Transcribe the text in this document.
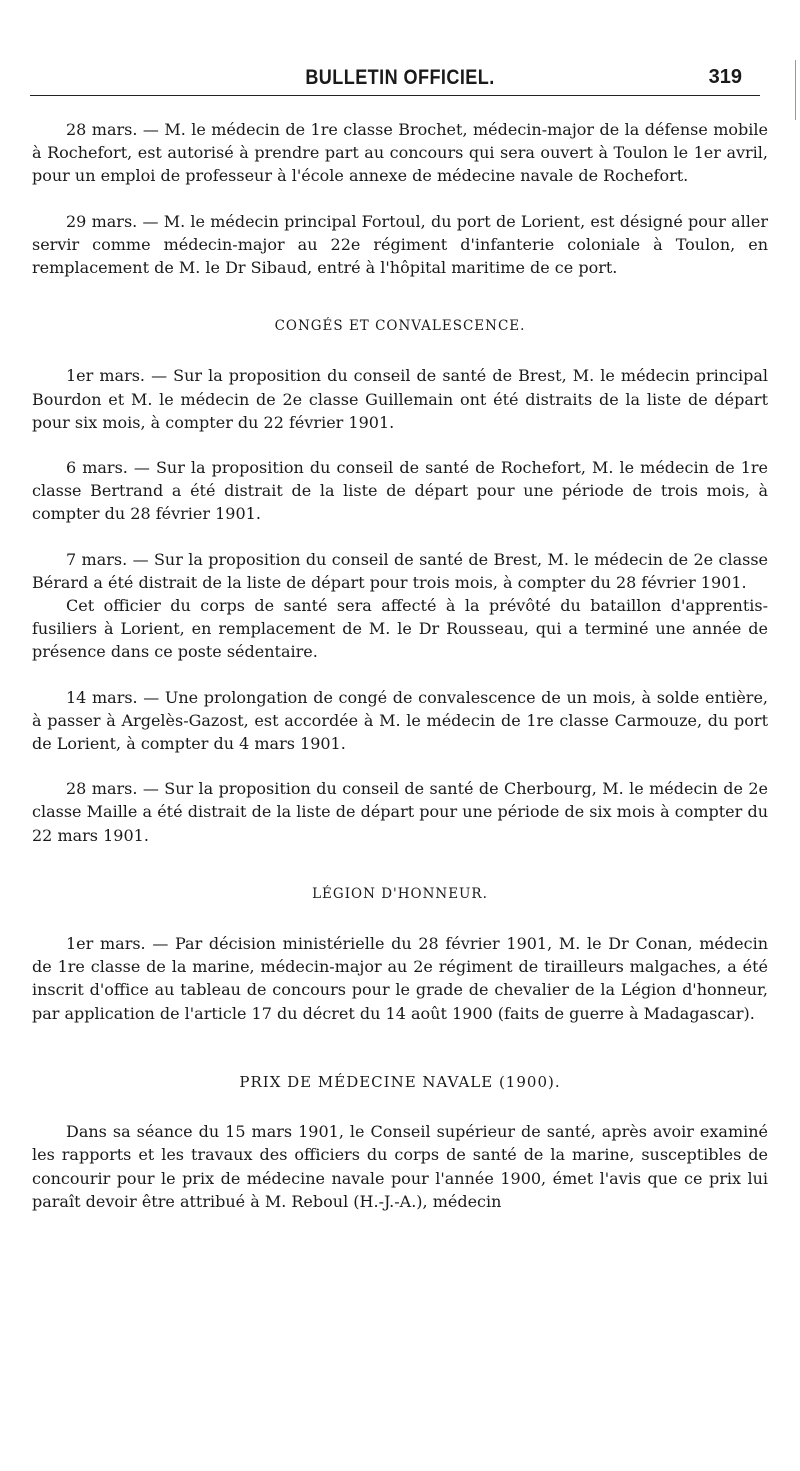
BULLETIN OFFICIEL.	319

28 mars. — M. le médecin de 1re classe Brochet, médecin-major de la défense mobile à Rochefort, est autorisé à prendre part au concours qui sera ouvert à Toulon le 1er avril, pour un emploi de professeur à l'école annexe de médecine navale de Rochefort.

29 mars. — M. le médecin principal Fortoul, du port de Lorient, est désigné pour aller servir comme médecin-major au 22e régiment d'infanterie coloniale à Toulon, en remplacement de M. le Dr Sibaud, entré à l'hôpital maritime de ce port.

CONGÉS ET CONVALESCENCE.

1er mars. — Sur la proposition du conseil de santé de Brest, M. le médecin principal Bourdon et M. le médecin de 2e classe Guillemain ont été distraits de la liste de départ pour six mois, à compter du 22 février 1901.

6 mars. — Sur la proposition du conseil de santé de Rochefort, M. le médecin de 1re classe Bertrand a été distrait de la liste de départ pour une période de trois mois, à compter du 28 février 1901.

7 mars. — Sur la proposition du conseil de santé de Brest, M. le médecin de 2e classe Bérard a été distrait de la liste de départ pour trois mois, à compter du 28 février 1901.

Cet officier du corps de santé sera affecté à la prévôté du bataillon d'apprentis-fusiliers à Lorient, en remplacement de M. le Dr Rousseau, qui a terminé une année de présence dans ce poste sédentaire.

14 mars. — Une prolongation de congé de convalescence de un mois, à solde entière, à passer à Argelès-Gazost, est accordée à M. le médecin de 1re classe Carmouze, du port de Lorient, à compter du 4 mars 1901.

28 mars. — Sur la proposition du conseil de santé de Cherbourg, M. le médecin de 2e classe Maille a été distrait de la liste de départ pour une période de six mois à compter du 22 mars 1901.

LÉGION D'HONNEUR.

1er mars. — Par décision ministérielle du 28 février 1901, M. le Dr Conan, médecin de 1re classe de la marine, médecin-major au 2e régiment de tirailleurs malgaches, a été inscrit d'office au tableau de concours pour le grade de chevalier de la Légion d'honneur, par application de l'article 17 du décret du 14 août 1900 (faits de guerre à Madagascar).

PRIX DE MÉDECINE NAVALE (1900).

Dans sa séance du 15 mars 1901, le Conseil supérieur de santé, après avoir examiné les rapports et les travaux des officiers du corps de santé de la marine, susceptibles de concourir pour le prix de médecine navale pour l'année 1900, émet l'avis que ce prix lui paraît devoir être attribué à M. Reboul (H.-J.-A.), médecin
